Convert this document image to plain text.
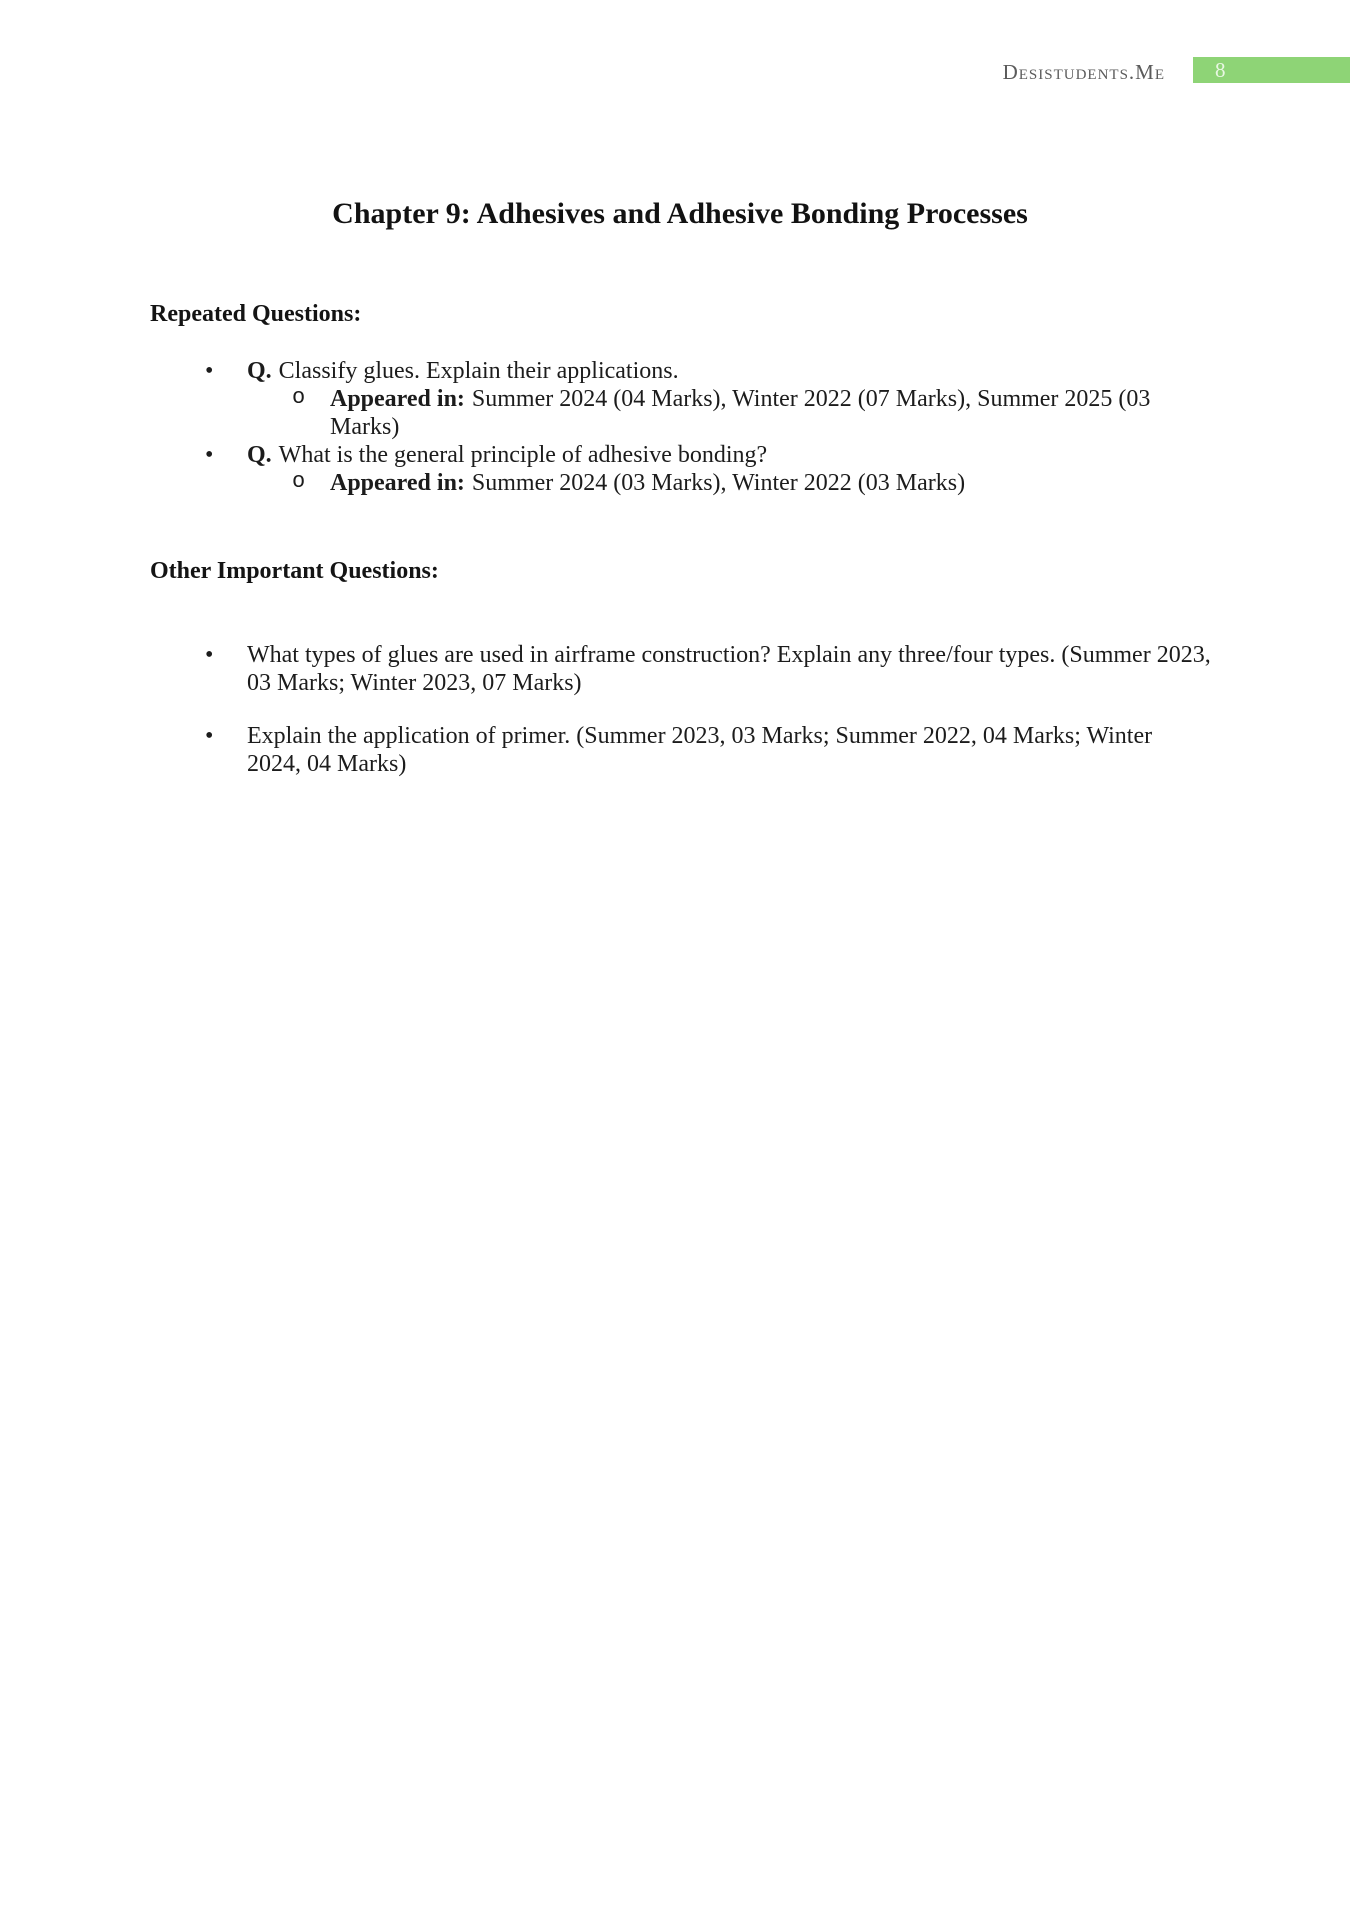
Desistudents.Me	8
Chapter 9: Adhesives and Adhesive Bonding Processes
Repeated Questions:
• Q. Classify glues. Explain their applications.
o Appeared in: Summer 2024 (04 Marks), Winter 2022 (07 Marks), Summer 2025 (03 Marks)
• Q. What is the general principle of adhesive bonding?
o Appeared in: Summer 2024 (03 Marks), Winter 2022 (03 Marks)
Other Important Questions:
• What types of glues are used in airframe construction? Explain any three/four types. (Summer 2023, 03 Marks; Winter 2023, 07 Marks)
• Explain the application of primer. (Summer 2023, 03 Marks; Summer 2022, 04 Marks; Winter 2024, 04 Marks)
